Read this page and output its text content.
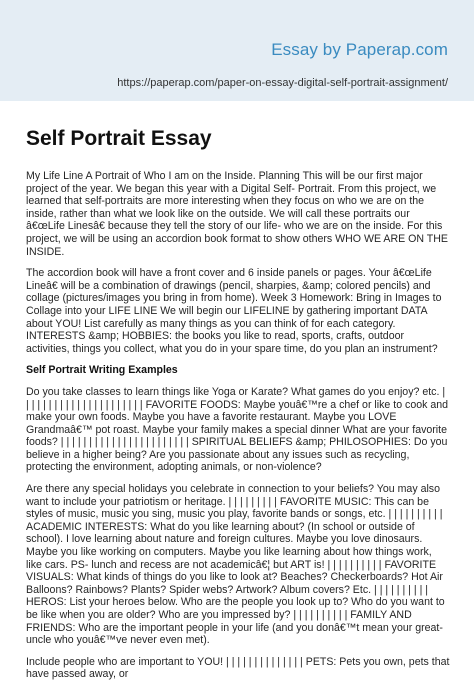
Essay by Paperap.com
https://paperap.com/paper-on-essay-digital-self-portrait-assignment/
Self Portrait Essay

My Life Line A Portrait of Who I am on the Inside. Planning This will be our first major project of the year. We began this year with a Digital Self- Portrait. From this project, we learned that self-portraits are more interesting when they focus on who we are on the inside, rather than what we look like on the outside. We will call these portraits our â€œLife Linesâ€ because they tell the story of our life- who we are on the inside. For this project, we will be using an accordion book format to show others WHO WE ARE ON THE INSIDE.

The accordion book will have a front cover and 6 inside panels or pages. Your â€œLife Lineâ€ will be a combination of drawings (pencil, sharpies, &amp; colored pencils) and collage (pictures/images you bring in from home). Week 3 Homework: Bring in Images to Collage into your LIFE LINE We will begin our LIFELINE by gathering important DATA about YOU! List carefully as many things as you can think of for each category. INTERESTS &amp; HOBBIES: the books you like to read, sports, crafts, outdoor activities, things you collect, what you do in your spare time, do you plan an instrument?

Self Portrait Writing Examples

Do you take classes to learn things like Yoga or Karate? What games do you enjoy? etc. | | | | | | | | | | | | | | | | | | | | | | FAVORITE FOODS: Maybe youâ€™re a chef or like to cook and make your own foods. Maybe you have a favorite restaurant. Maybe you LOVE Grandmaâ€™ pot roast. Maybe your family makes a special dinner What are your favorite foods? | | | | | | | | | | | | | | | | | | | | | | | SPIRITUAL BELIEFS &amp; PHILOSOPHIES: Do you believe in a higher being? Are you passionate about any issues such as recycling, protecting the environment, adopting animals, or non-violence?

Are there any special holidays you celebrate in connection to your beliefs? You may also want to include your patriotism or heritage. | | | | | | | | | FAVORITE MUSIC: This can be styles of music, music you sing, music you play, favorite bands or songs, etc. | | | | | | | | | | ACADEMIC INTERESTS: What do you like learning about? (In school or outside of school). I love learning about nature and foreign cultures. Maybe you love dinosaurs. Maybe you like working on computers. Maybe you like learning about how things work, like cars. PS- lunch and recess are not academicâ€¦ but ART is! | | | | | | | | | | FAVORITE VISUALS: What kinds of things do you like to look at? Beaches? Checkerboards? Hot Air Balloons? Rainbows? Plants? Spider webs? Artwork? Album covers? Etc. | | | | | | | | | | HEROS: List your heroes below. Who are the people you look up to? Who do you want to be like when you are older? Who are you impressed by? | | | | | | | | | | FAMILY AND FRIENDS: Who are the important people in your life (and you donâ€™t mean your great-uncle who youâ€™ve never even met).

Include people who are important to YOU! | | | | | | | | | | | | | | PETS: Pets you own, pets that have passed away, or
